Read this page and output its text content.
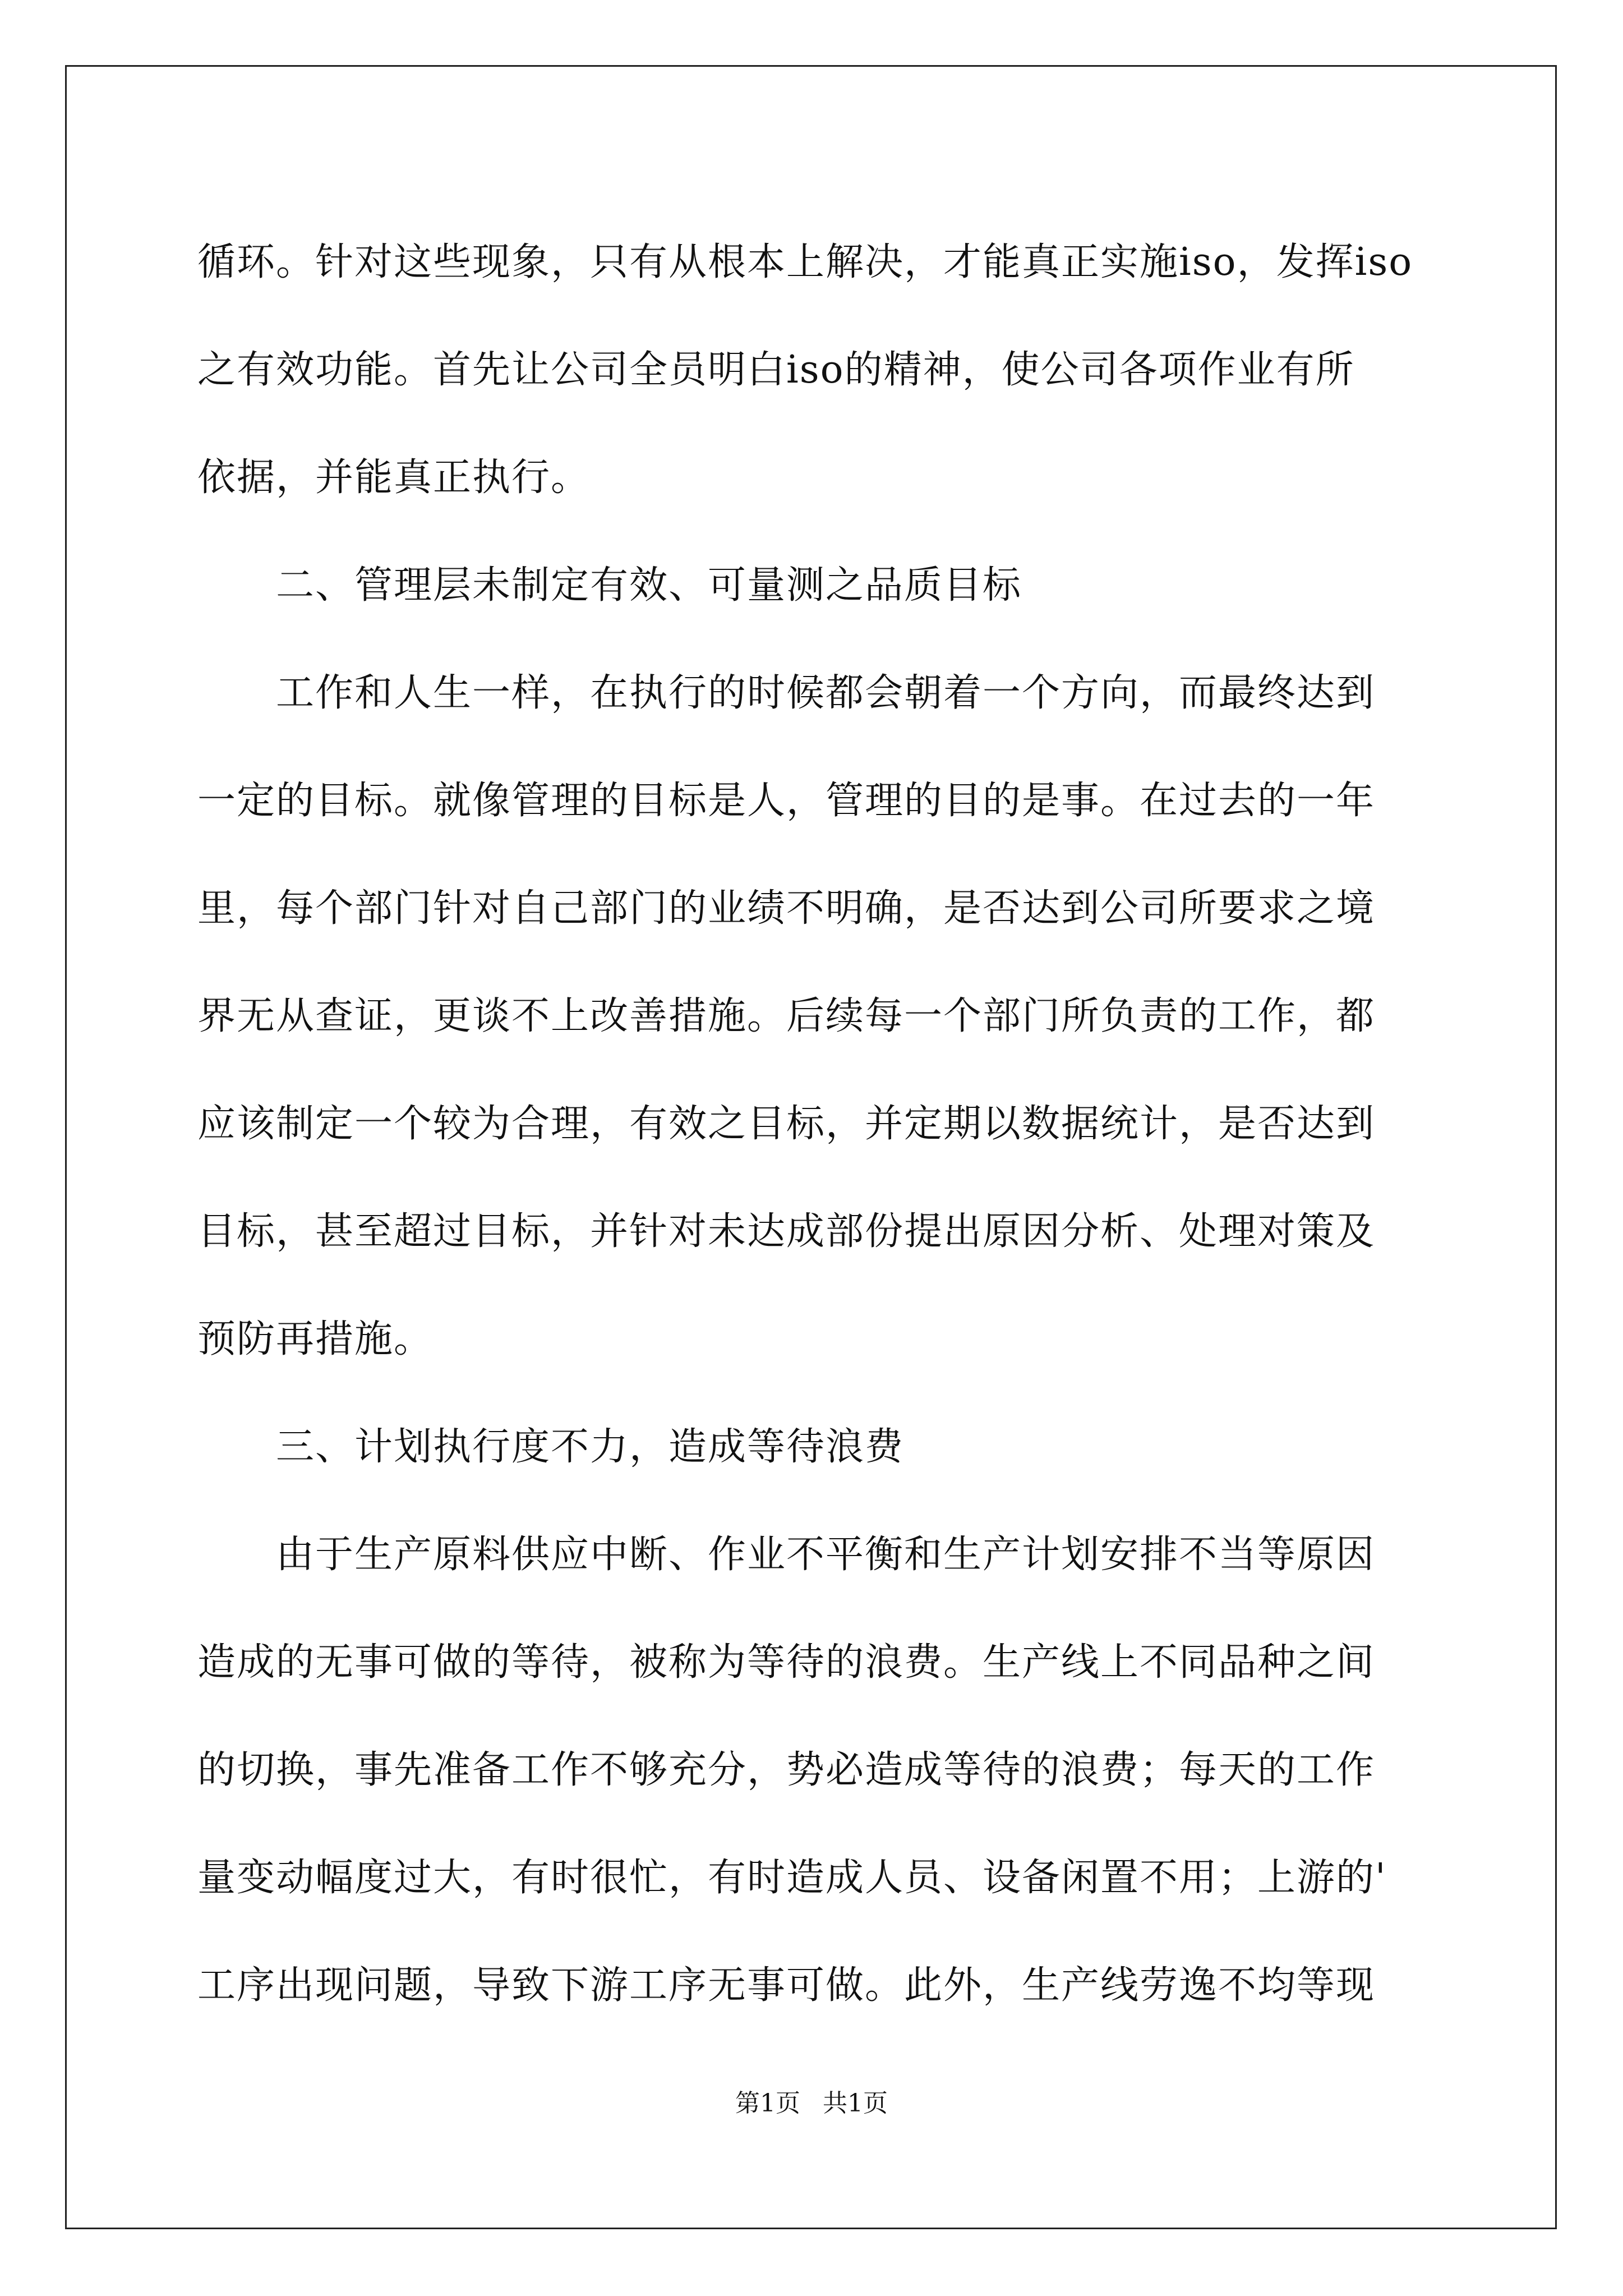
循环。针对这些现象，只有从根本上解决，才能真正实施iso，发挥iso
之有效功能。首先让公司全员明白iso的精神，使公司各项作业有所
依据，并能真正执行。
二、管理层未制定有效、可量测之品质目标
工作和人生一样，在执行的时候都会朝着一个方向，而最终达到
一定的目标。就像管理的目标是人，管理的目的是事。在过去的一年
里，每个部门针对自己部门的业绩不明确，是否达到公司所要求之境
界无从查证，更谈不上改善措施。后续每一个部门所负责的工作，都
应该制定一个较为合理，有效之目标，并定期以数据统计，是否达到
目标，甚至超过目标，并针对未达成部份提出原因分析、处理对策及
预防再措施。
三、计划执行度不力，造成等待浪费
由于生产原料供应中断、作业不平衡和生产计划安排不当等原因
造成的无事可做的等待，被称为等待的浪费。生产线上不同品种之间
的切换，事先准备工作不够充分，势必造成等待的浪费；每天的工作
量变动幅度过大，有时很忙，有时造成人员、设备闲置不用；上游的'
工序出现问题，导致下游工序无事可做。此外，生产线劳逸不均等现
第1页 共1页
